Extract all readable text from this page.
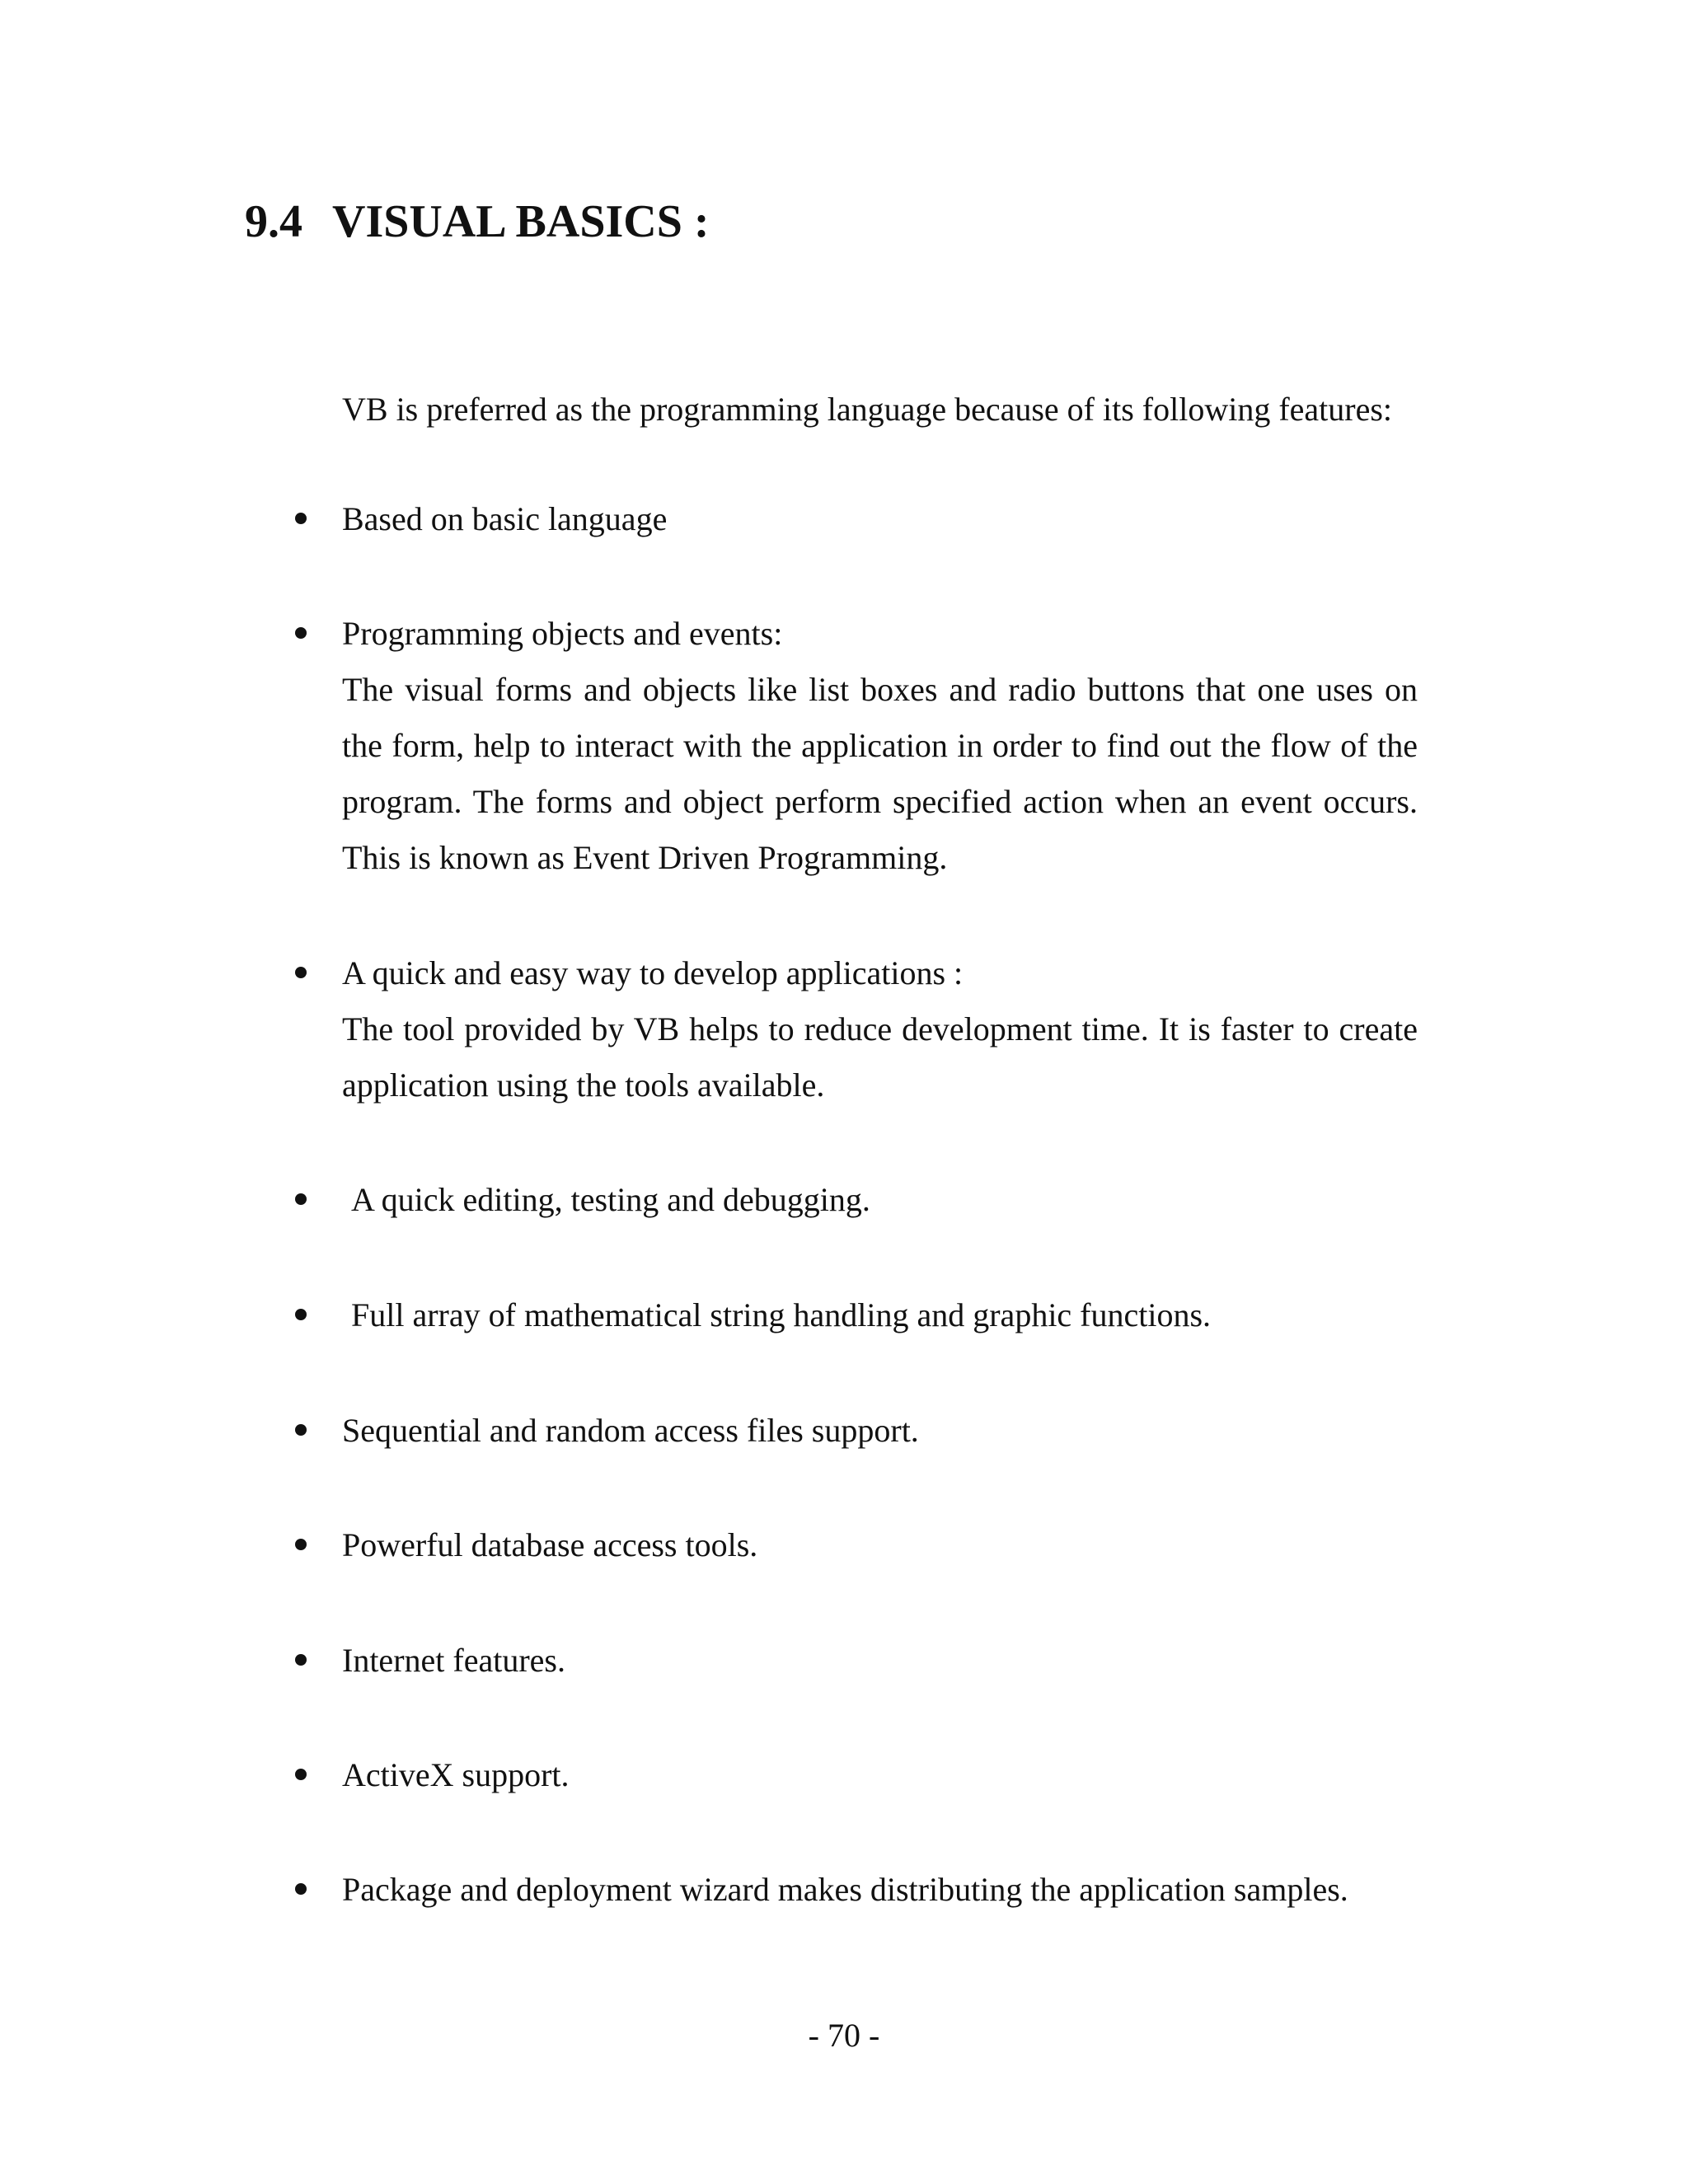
9.4 VISUAL BASICS :

VB is preferred as the programming language because of its following features:

Based on basic language
Programming objects and events:
The visual forms and objects like list boxes and radio buttons that one uses on the form, help to interact with the application in order to find out the flow of the program. The forms and object perform specified action when an event occurs. This is known as Event Driven Programming.
A quick and easy way to develop applications :
The tool provided by VB helps to reduce development time. It is faster to create application using the tools available.
A quick editing, testing and debugging.
Full array of mathematical string handling and graphic functions.
Sequential and random access files support.
Powerful database access tools.
Internet features.
ActiveX support.
Package and deployment wizard makes distributing the application samples.
- 70 -
